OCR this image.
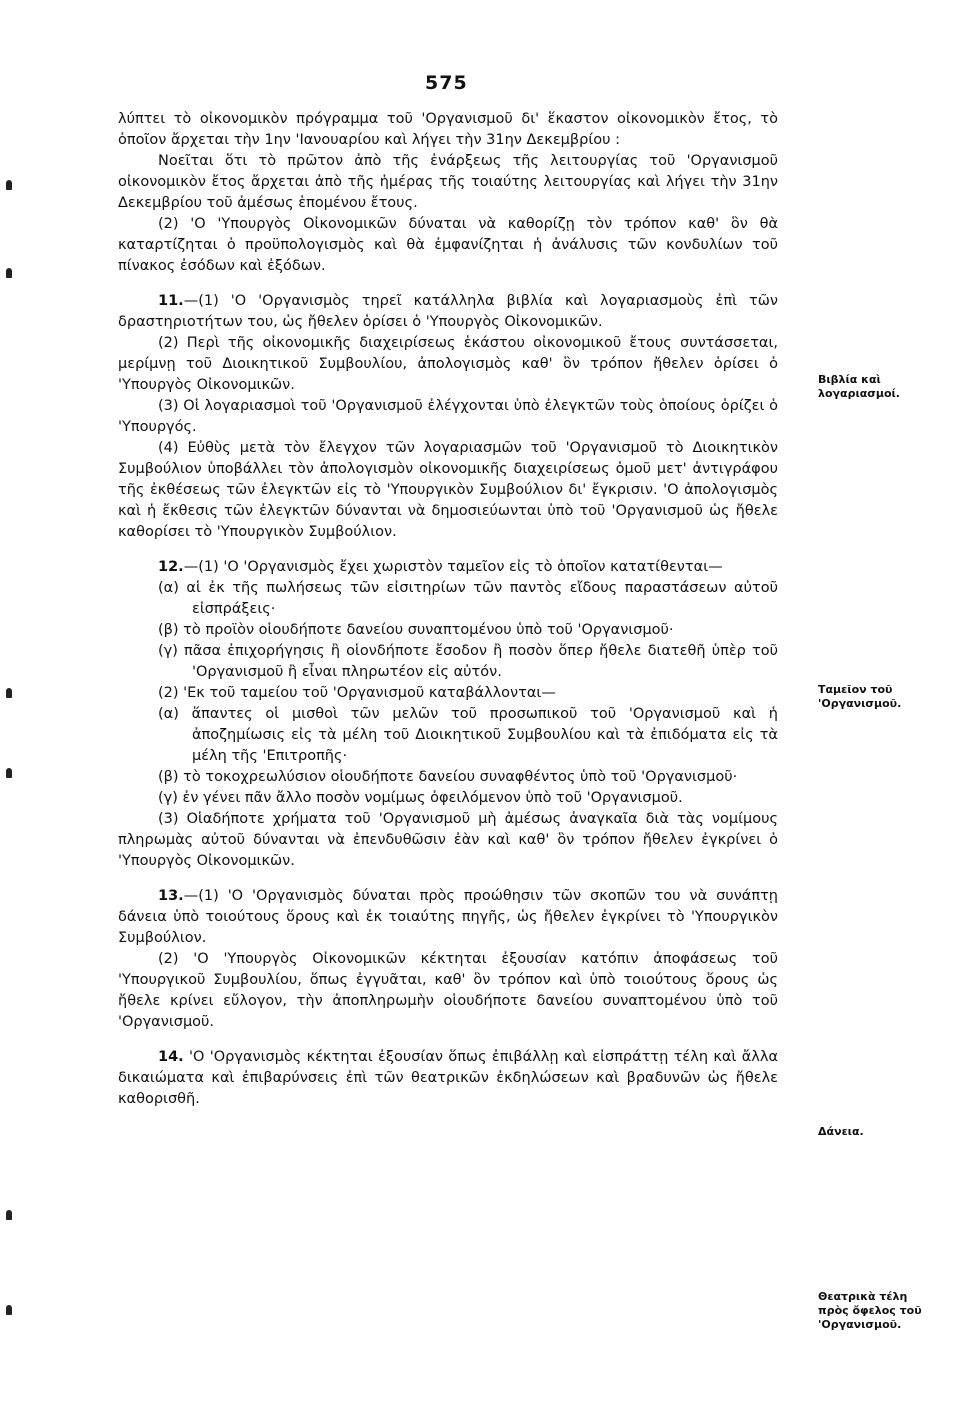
575

λύπτει τὸ οἰκονομικὸν πρόγραμμα τοῦ 'Οργανισμοῦ δι' ἕκαστον οἰκονομικὸν ἔτος, τὸ ὁποῖον ἄρχεται τὴν 1ην 'Ιανουαρίου καὶ λήγει τὴν 31ην Δεκεμβρίου :

Νοεῖται ὅτι τὸ πρῶτον ἀπὸ τῆς ἐνάρξεως τῆς λειτουργίας τοῦ 'Οργανισμοῦ οἰκονομικὸν ἔτος ἄρχεται ἀπὸ τῆς ἡμέρας τῆς τοιαύτης λειτουργίας καὶ λήγει τὴν 31ην Δεκεμβρίου τοῦ ἀμέσως ἑπομένου ἔτους.

(2) 'Ο 'Υπουργὸς Οἰκονομικῶν δύναται νὰ καθορίζῃ τὸν τρόπον καθ' ὃν θὰ καταρτίζηται ὁ προϋπολογισμὸς καὶ θὰ ἐμφανίζηται ἡ ἀνάλυσις τῶν κονδυλίων τοῦ πίνακος ἐσόδων καὶ ἐξόδων.

11.—(1) 'Ο 'Οργανισμὸς τηρεῖ κατάλληλα βιβλία καὶ λογαριασμοὺς ἐπὶ τῶν δραστηριοτήτων του, ὡς ἤθελεν ὁρίσει ὁ 'Υπουργὸς Οἰκονομικῶν.

(2) Περὶ τῆς οἰκονομικῆς διαχειρίσεως ἑκάστου οἰκονομικοῦ ἔτους συντάσσεται, μερίμνῃ τοῦ Διοικητικοῦ Συμβουλίου, ἀπολογισμὸς καθ' ὃν τρόπον ἤθελεν ὁρίσει ὁ 'Υπουργὸς Οἰκονομικῶν.

(3) Οἱ λογαριασμοὶ τοῦ 'Οργανισμοῦ ἐλέγχονται ὑπὸ ἐλεγκτῶν τοὺς ὁποίους ὁρίζει ὁ 'Υπουργός.

(4) Εὐθὺς μετὰ τὸν ἔλεγχον τῶν λογαριασμῶν τοῦ 'Οργανισμοῦ τὸ Διοικητικὸν Συμβούλιον ὑποβάλλει τὸν ἀπολογισμὸν οἰκονομικῆς διαχειρίσεως ὁμοῦ μετ' ἀντιγράφου τῆς ἐκθέσεως τῶν ἐλεγκτῶν εἰς τὸ 'Υπουργικὸν Συμβούλιον δι' ἔγκρισιν. 'Ο ἀπολογισμὸς καὶ ἡ ἔκθεσις τῶν ἐλεγκτῶν δύνανται νὰ δημοσιεύωνται ὑπὸ τοῦ 'Οργανισμοῦ ὡς ἤθελε καθορίσει τὸ 'Υπουργικὸν Συμβούλιον.

12.—(1) 'Ο 'Οργανισμὸς ἔχει χωριστὸν ταμεῖον εἰς τὸ ὁποῖον κατατίθενται—

(α) αἱ ἐκ τῆς πωλήσεως τῶν εἰσιτηρίων τῶν παντὸς εἴδους παραστάσεων αὐτοῦ εἰσπράξεις·

(β) τὸ προϊὸν οἱουδήποτε δανείου συναπτομένου ὑπὸ τοῦ 'Οργανισμοῦ·

(γ) πᾶσα ἐπιχορήγησις ἢ οἱονδήποτε ἔσοδον ἢ ποσὸν ὅπερ ἤθελε διατεθῆ ὑπὲρ τοῦ 'Οργανισμοῦ ἢ εἶναι πληρωτέον εἰς αὐτόν.

(2) 'Εκ τοῦ ταμείου τοῦ 'Οργανισμοῦ καταβάλλονται—

(α) ἅπαντες οἱ μισθοὶ τῶν μελῶν τοῦ προσωπικοῦ τοῦ 'Οργανισμοῦ καὶ ἡ ἀποζημίωσις εἰς τὰ μέλη τοῦ Διοικητικοῦ Συμβουλίου καὶ τὰ ἐπιδόματα εἰς τὰ μέλη τῆς 'Επιτροπῆς·

(β) τὸ τοκοχρεωλύσιον οἱουδήποτε δανείου συναφθέντος ὑπὸ τοῦ 'Οργανισμοῦ·

(γ) ἐν γένει πᾶν ἄλλο ποσὸν νομίμως ὀφειλόμενον ὑπὸ τοῦ 'Οργανισμοῦ.

(3) Οἱαδήποτε χρήματα τοῦ 'Οργανισμοῦ μὴ ἀμέσως ἀναγκαῖα διὰ τὰς νομίμους πληρωμὰς αὐτοῦ δύνανται νὰ ἐπενδυθῶσιν ἐὰν καὶ καθ' ὃν τρόπον ἤθελεν ἐγκρίνει ὁ 'Υπουργὸς Οἰκονομικῶν.

13.—(1) 'Ο 'Οργανισμὸς δύναται πρὸς προώθησιν τῶν σκοπῶν του νὰ συνάπτῃ δάνεια ὑπὸ τοιούτους ὅρους καὶ ἐκ τοιαύτης πηγῆς, ὡς ἤθελεν ἐγκρίνει τὸ 'Υπουργικὸν Συμβούλιον.

(2) 'Ο 'Υπουργὸς Οἰκονομικῶν κέκτηται ἐξουσίαν κατόπιν ἀποφάσεως τοῦ 'Υπουργικοῦ Συμβουλίου, ὅπως ἐγγυᾶται, καθ' ὃν τρόπον καὶ ὑπὸ τοιούτους ὅρους ὡς ἤθελε κρίνει εὔλογον, τὴν ἀποπληρωμὴν οἱουδήποτε δανείου συναπτομένου ὑπὸ τοῦ 'Οργανισμοῦ.

14. 'Ο 'Οργανισμὸς κέκτηται ἐξουσίαν ὅπως ἐπιβάλλῃ καὶ εἰσπράττῃ τέλη καὶ ἄλλα δικαιώματα καὶ ἐπιβαρύνσεις ἐπὶ τῶν θεατρικῶν ἐκδηλώσεων καὶ βραδυνῶν ὡς ἤθελε καθορισθῆ.

Βιβλία καὶ λογαριασμοί.
Ταμεῖον τοῦ 'Οργανισμοῦ.
Δάνεια.
Θεατρικὰ τέλη πρὸς ὄφελος τοῦ 'Οργανισμοῦ.
